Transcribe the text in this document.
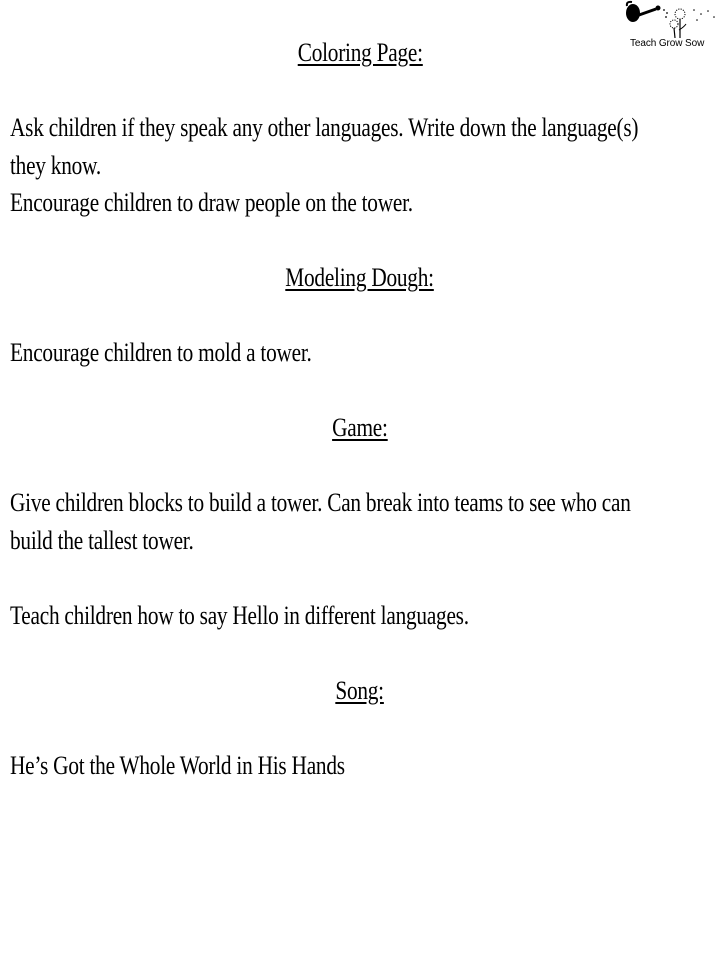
Teach Grow Sow
Coloring Page:
Ask children if they speak any other languages. Write down the language(s)
they know.
Encourage children to draw people on the tower.
Modeling Dough:
Encourage children to mold a tower.
Game:
Give children blocks to build a tower. Can break into teams to see who can
build the tallest tower.
Teach children how to say Hello in different languages.
Song:
He’s Got the Whole World in His Hands
